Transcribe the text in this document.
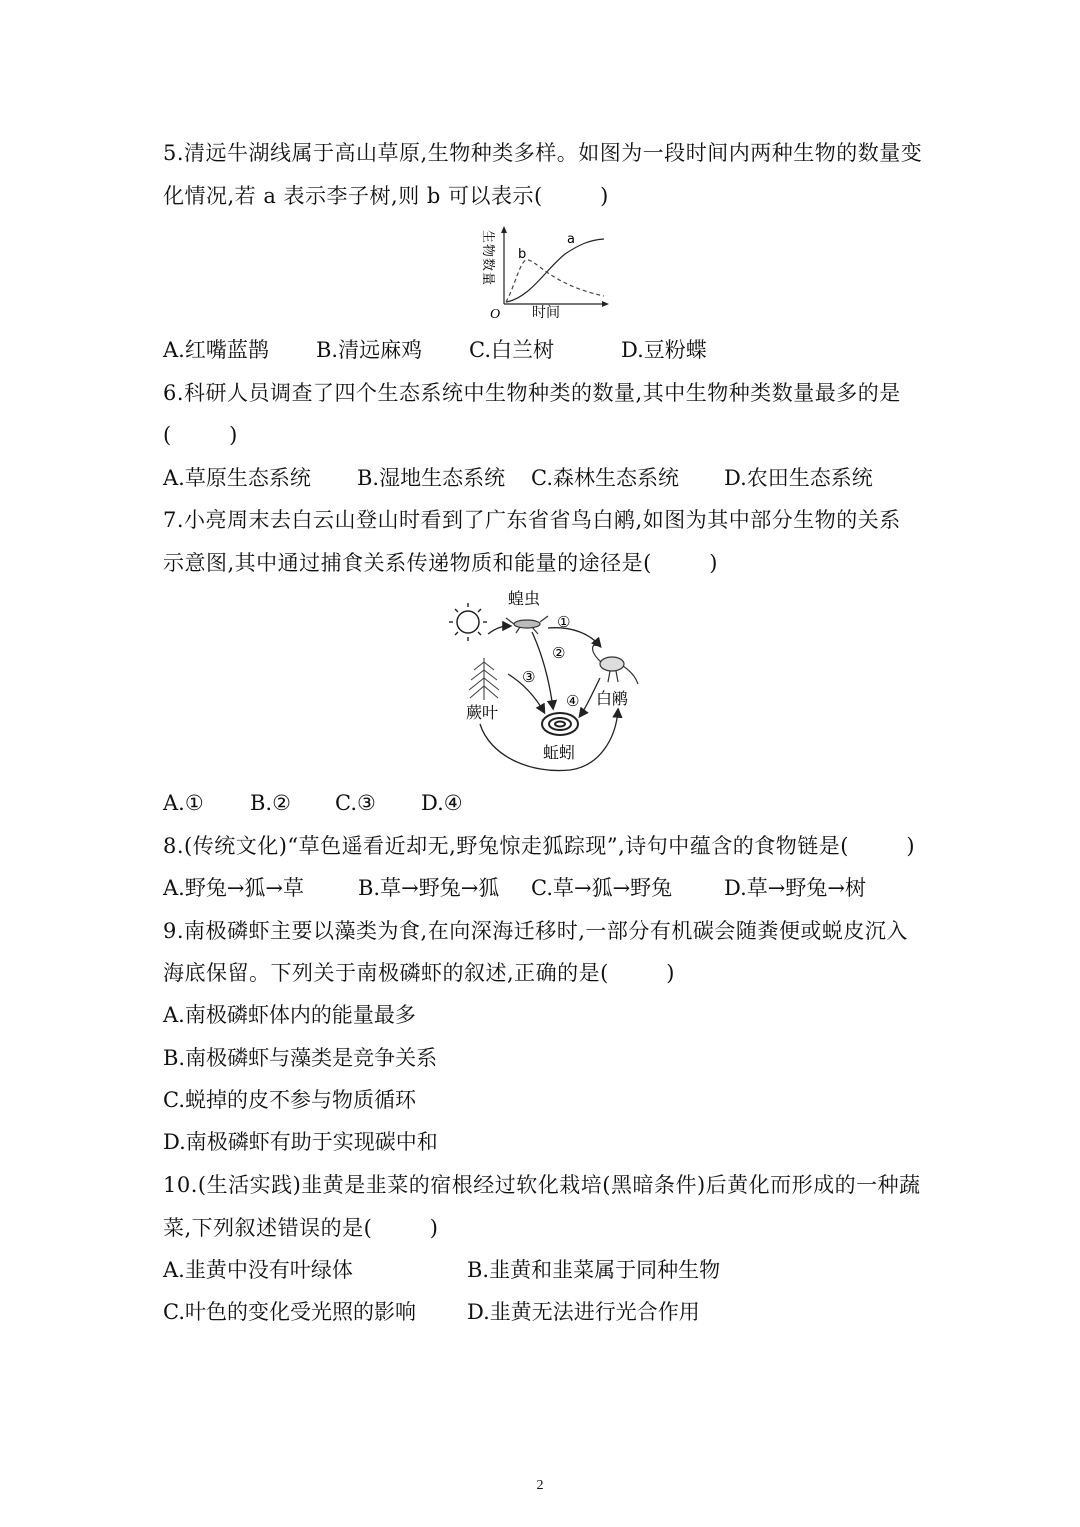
5.清远牛湖线属于高山草原,生物种类多样。如图为一段时间内两种生物的数量变
化情况,若 a 表示李子树,则 b 可以表示(        )
a
b
O 时间
生物数量
A.红嘴蓝鹊 B.清远麻鸡 C.白兰树	D.豆粉蝶
6.科研人员调查了四个生态系统中生物种类的数量,其中生物种类数量最多的是
(        )
A.草原生态系统 B.湿地生态系统 C.森林生态系统 D.农田生态系统
7.小亮周末去白云山登山时看到了广东省省鸟白鹇,如图为其中部分生物的关系
示意图,其中通过捕食关系传递物质和能量的途径是(        )
蝗虫
蕨叶
白鹇
蚯蚓
①
②
③
④
A.① B.② C.③ D.④
8.(传统文化)“草色遥看近却无,野兔惊走狐踪现”,诗句中蕴含的食物链是(        )
A.野兔→狐→草	B.草→野兔→狐 C.草→狐→野兔 D.草→野兔→树
9.南极磷虾主要以藻类为食,在向深海迁移时,一部分有机碳会随粪便或蜕皮沉入
海底保留。下列关于南极磷虾的叙述,正确的是(        )
A.南极磷虾体内的能量最多
B.南极磷虾与藻类是竞争关系
C.蜕掉的皮不参与物质循环
D.南极磷虾有助于实现碳中和
10.(生活实践)韭黄是韭菜的宿根经过软化栽培(黑暗条件)后黄化而形成的一种蔬
菜,下列叙述错误的是(        )
A.韭黄中没有叶绿体	B.韭黄和韭菜属于同种生物
C.叶色的变化受光照的影响 D.韭黄无法进行光合作用
2
